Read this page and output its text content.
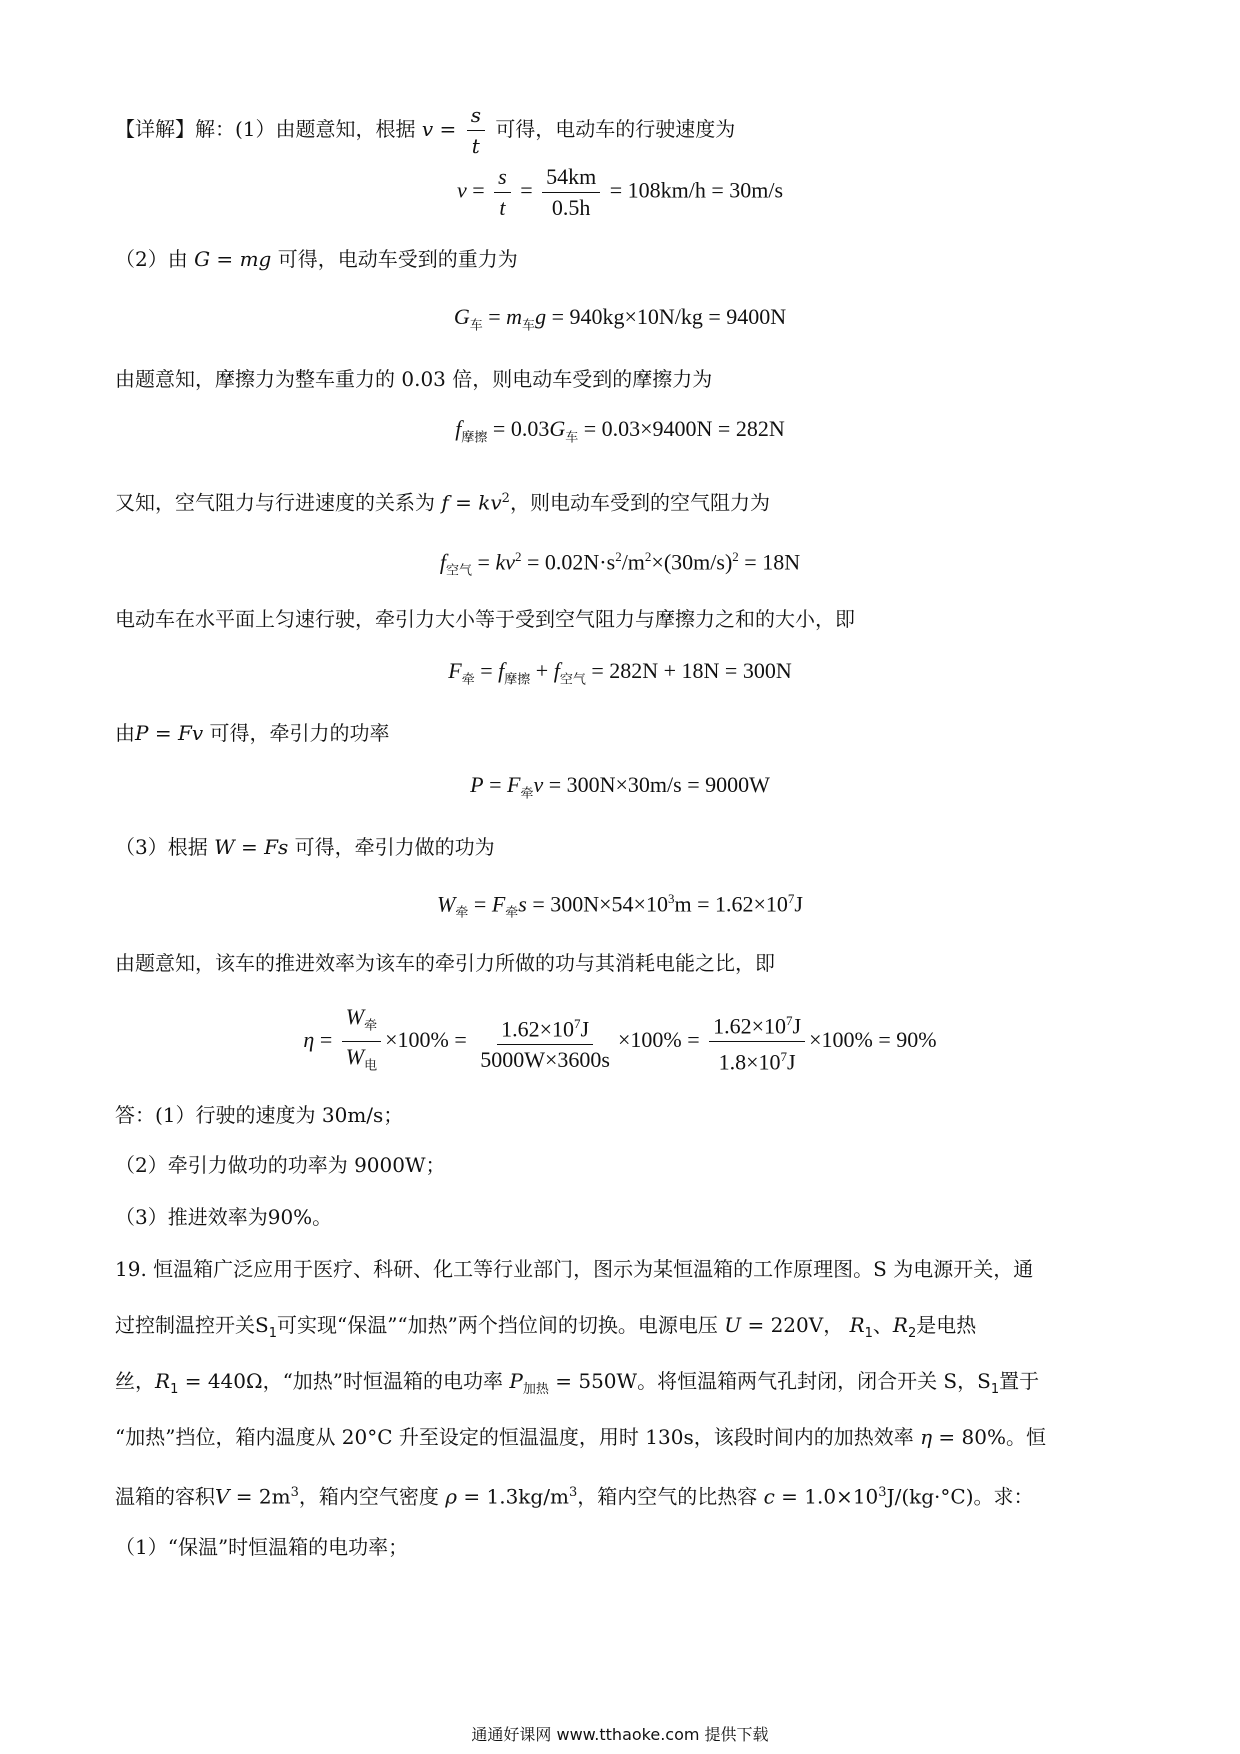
【详解】解：(1）由题意知，根据 $v = \frac{s}{t}$ 可得，电动车的行驶速度为
$v = \frac{s}{t} = \frac{54km}{0.5h} = 108km/h = 30m/s$
（2）由 G = mg 可得，电动车受到的重力为
$G_车 = m_车g = 940kg\times 10N/kg = 9400N$
由题意知，摩擦力为整车重力的 0.03 倍，则电动车受到的摩擦力为
$f_{摩擦} = 0.03G_车 = 0.03\times 9400N = 282N$
又知，空气阻力与行进速度的关系为 $f = kv^2$，则电动车受到的空气阻力为
$f_{空气} = kv^2 = 0.02N\cdot s^2/m^2\times(30m/s)^2 = 18N$
电动车在水平面上匀速行驶，牵引力大小等于受到空气阻力与摩擦力之和的大小，即
$F_牵 = f_{摩擦} + f_{空气} = 282N + 18N = 300N$
由P = Fv 可得，牵引力的功率
$P = F_牵v = 300N\times 30m/s = 9000W$
（3）根据 W = Fs 可得，牵引力做的功为
$W_牵 = F_牵s = 300N\times 54\times 10^3m = 1.62\times 10^7J$
由题意知，该车的推进效率为该车的牵引力所做的功与其消耗电能之比，即
$\eta = \frac{W_牵}{W_电} \times 100\% = \frac{1.62\times 10^7J}{5000W\times 3600s} \times 100\% = \frac{1.62\times 10^7J}{1.8\times 10^7J} \times 100\% = 90\%$
答：(1）行驶的速度为 30m/s；
（2）牵引力做功的功率为 9000W；
（3）推进效率为90%。
19. 恒温箱广泛应用于医疗、科研、化工等行业部门，图示为某恒温箱的工作原理图。S 为电源开关，通
过控制温控开关$S_1$可实现“保温”“加热”两个挡位间的切换。电源电压 U = 220V， $R_1$、$R_2$是电热
丝，$R_1 = 440\Omega$，“加热”时恒温箱的电功率 $P_{加热} = 550W$。将恒温箱两气孔封闭，闭合开关 S，$S_1$置于
“加热”挡位，箱内温度从 20°C 升至设定的恒温温度，用时 130s，该段时间内的加热效率 η = 80%。恒
温箱的容积$V = 2m^3$，箱内空气密度 $\rho = 1.3kg/m^3$，箱内空气的比热容 $c = 1.0\times 10^3J/(kg\cdot^\circ C)$。求：
（1）“保温”时恒温箱的电功率；
通通好课网 www.tthaoke.com 提供下载
